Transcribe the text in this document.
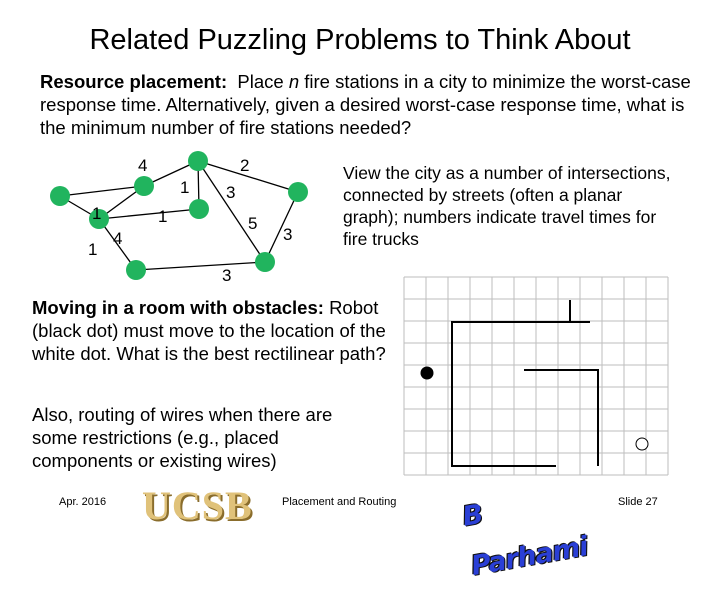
Related Puzzling Problems to Think About
Resource placement: Place n fire stations in a city to minimize the worst-case response time. Alternatively, given a desired worst-case response time, what is the minimum number of fire stations needed?
View the city as a number of intersections, connected by streets (often a planar graph); numbers indicate travel times for fire trucks
Moving in a room with obstacles: Robot (black dot) must move to the location of the white dot. What is the best rectilinear path?
Also, routing of wires when there are some restrictions (e.g., placed components or existing wires)
4	2
1 3
1	1	5
3
1
4
3
Apr. 2016 UCSB	Placement and Routing B Parhami
Slide 27
